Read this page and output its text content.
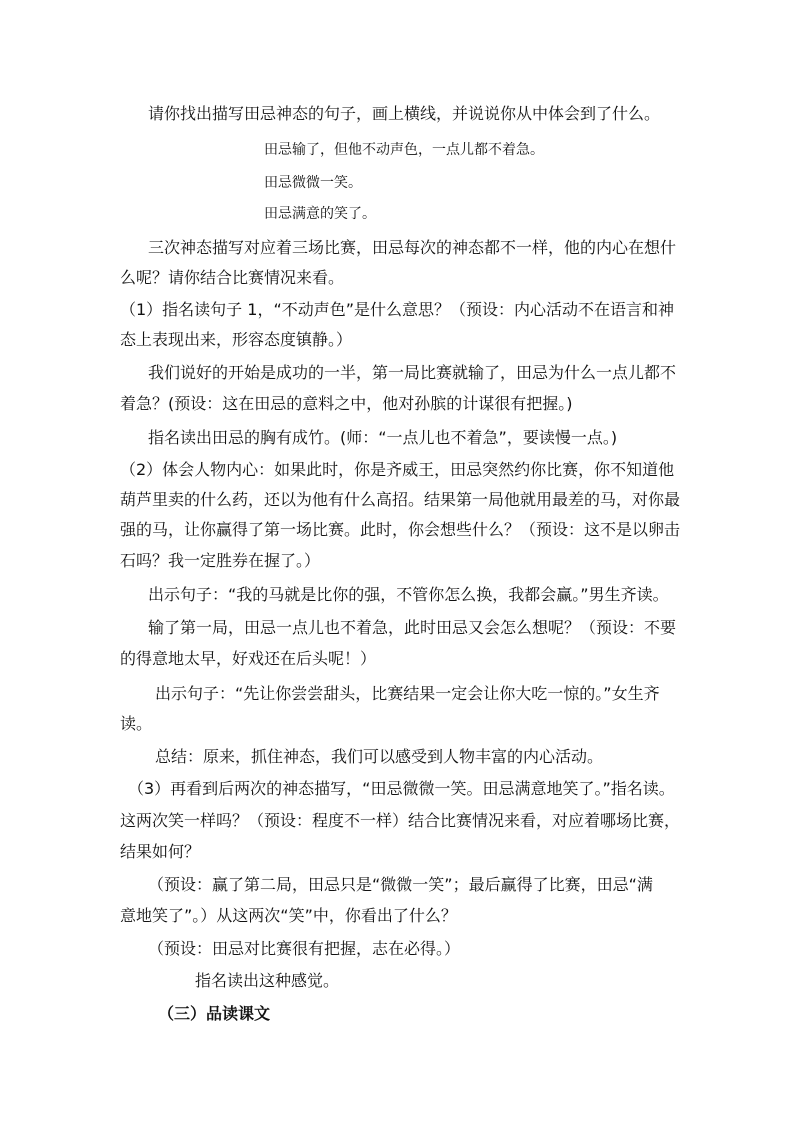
请你找出描写田忌神态的句子，画上横线，并说说你从中体会到了什么。
田忌输了，但他不动声色，一点儿都不着急。
田忌微微一笑。
田忌满意的笑了。
三次神态描写对应着三场比赛，田忌每次的神态都不一样，他的内心在想什
么呢？请你结合比赛情况来看。
（1）指名读句子 1，“不动声色”是什么意思？（预设：内心活动不在语言和神
态上表现出来，形容态度镇静。）
我们说好的开始是成功的一半，第一局比赛就输了，田忌为什么一点儿都不
着急？(预设：这在田忌的意料之中，他对孙膑的计谋很有把握。)
指名读出田忌的胸有成竹。(师：“一点儿也不着急”，要读慢一点。)
（2）体会人物内心：如果此时，你是齐威王，田忌突然约你比赛，你不知道他
葫芦里卖的什么药，还以为他有什么高招。结果第一局他就用最差的马，对你最
强的马，让你赢得了第一场比赛。此时，你会想些什么？（预设：这不是以卵击
石吗？我一定胜券在握了。）
出示句子：“我的马就是比你的强，不管你怎么换，我都会赢。”男生齐读。
输了第一局，田忌一点儿也不着急，此时田忌又会怎么想呢？（预设：不要
的得意地太早，好戏还在后头呢！）
出示句子：“先让你尝尝甜头，比赛结果一定会让你大吃一惊的。”女生齐
读。
总结：原来，抓住神态，我们可以感受到人物丰富的内心活动。
（3）再看到后两次的神态描写，“田忌微微一笑。田忌满意地笑了。”指名读。
这两次笑一样吗？（预设：程度不一样）结合比赛情况来看，对应着哪场比赛，
结果如何？
（预设：赢了第二局，田忌只是“微微一笑”；最后赢得了比赛，田忌“满
意地笑了”。）从这两次“笑”中，你看出了什么？
（预设：田忌对比赛很有把握，志在必得。）
指名读出这种感觉。
（三）品读课文
